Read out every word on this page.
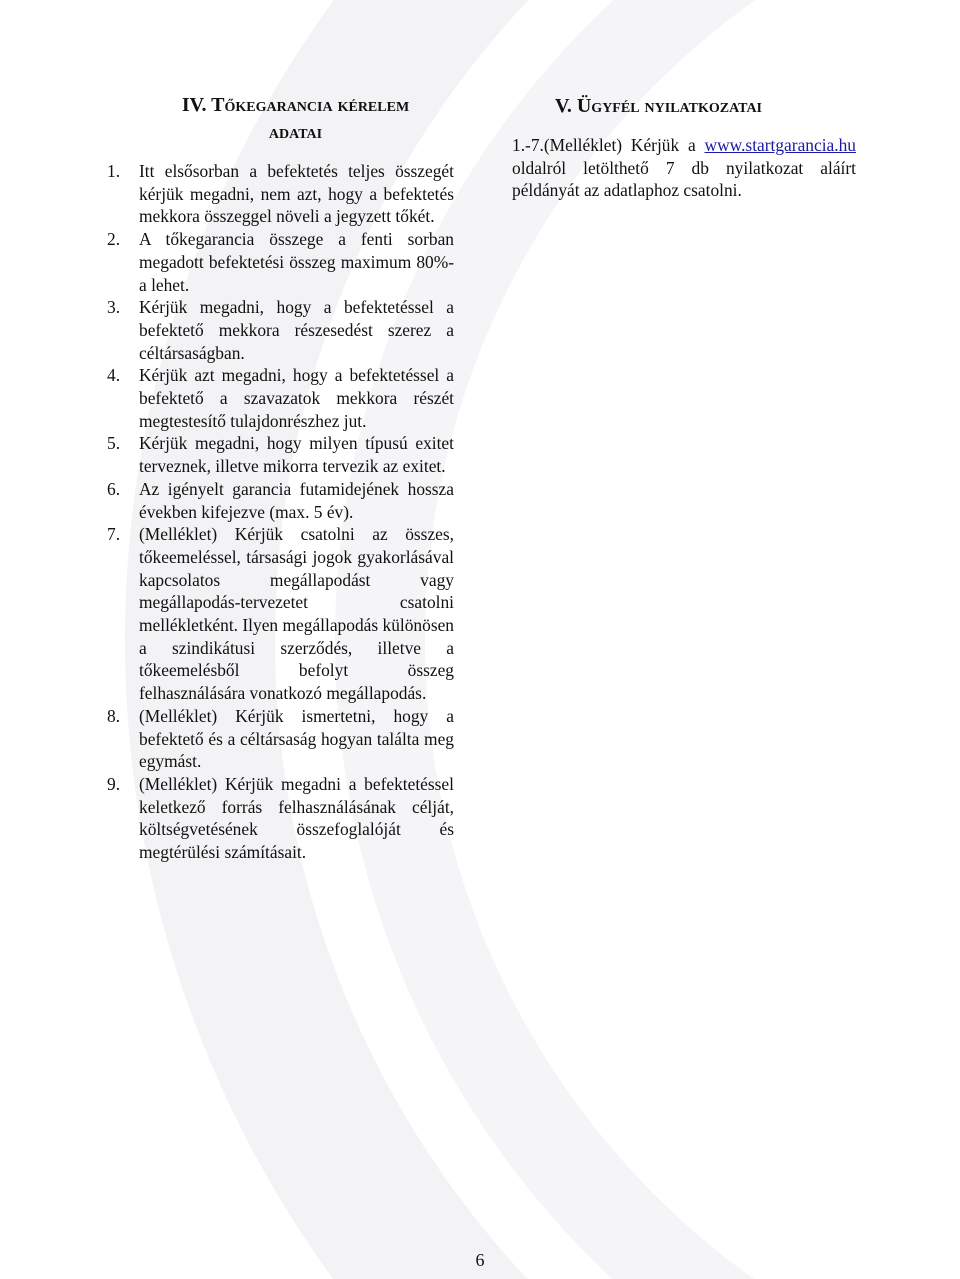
IV. Tőkegarancia kérelem
adatai
1.	Itt elsősorban a befektetés teljes összegét kérjük megadni, nem azt, hogy a befektetés mekkora összeggel növeli a jegyzett tőkét.
2.	A tőkegarancia összege a fenti sorban megadott befektetési összeg maximum 80%-a lehet.
3.	Kérjük megadni, hogy a befektetéssel a befektető mekkora részesedést szerez a céltársaságban.
4.	Kérjük azt megadni, hogy a befektetéssel a befektető a szavazatok mekkora részét megtestesítő tulajdonrészhez jut.
5.	Kérjük megadni, hogy milyen típusú exitet terveznek, illetve mikorra tervezik az exitet.
6.	Az igényelt garancia futamidejének hossza években kifejezve (max. 5 év).
7.	(Melléklet) Kérjük csatolni az összes, tőkeemeléssel, társasági jogok gyakorlásával kapcsolatos megállapodást vagy megállapodás-tervezetet csatolni mellékletként. Ilyen megállapodás különösen a szindikátusi szerződés, illetve a tőkeemelésből befolyt összeg felhasználására vonatkozó megállapodás.
8.	(Melléklet) Kérjük ismertetni, hogy a befektető és a céltársaság hogyan találta meg egymást.
9.	(Melléklet) Kérjük megadni a befektetéssel keletkező forrás felhasználásának célját, költségvetésének összefoglalóját és megtérülési számításait.
V. Ügyfél nyilatkozatai
1.-7.(Melléklet) Kérjük a www.startgarancia.hu oldalról letölthető 7 db nyilatkozat aláírt példányát az adatlaphoz csatolni.
6
